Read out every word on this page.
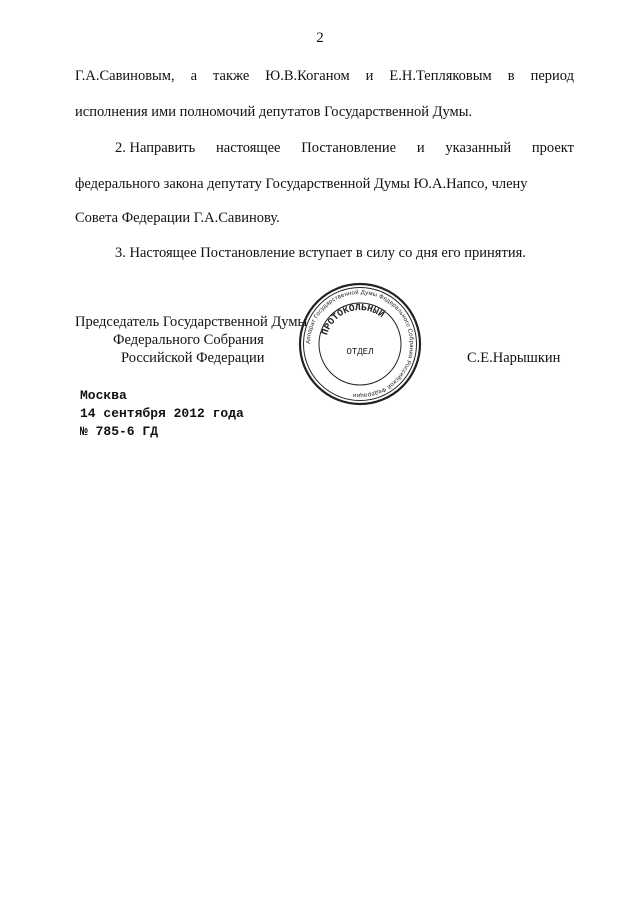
2
Г.А.Савиновым, а также Ю.В.Коганом и Е.Н.Тепляковым в период
исполнения ими полномочий депутатов Государственной Думы.
2. Направить настоящее Постановление и указанный проект
федерального закона депутату Государственной Думы Ю.А.Напсо, члену
Совета Федерации Г.А.Савинову.
3. Настоящее Постановление вступает в силу со дня его принятия.
Председатель Государственной Думы
Федерального Собрания
Российской Федерации	С.Е.Нарышкин
Аппарат Государственной Думы Федерального Собрания Российской Федерации
ПРОТОКОЛЬНЫЙ
ОТДЕЛ
Москва
14 сентября 2012 года
№ 785-6 ГД
